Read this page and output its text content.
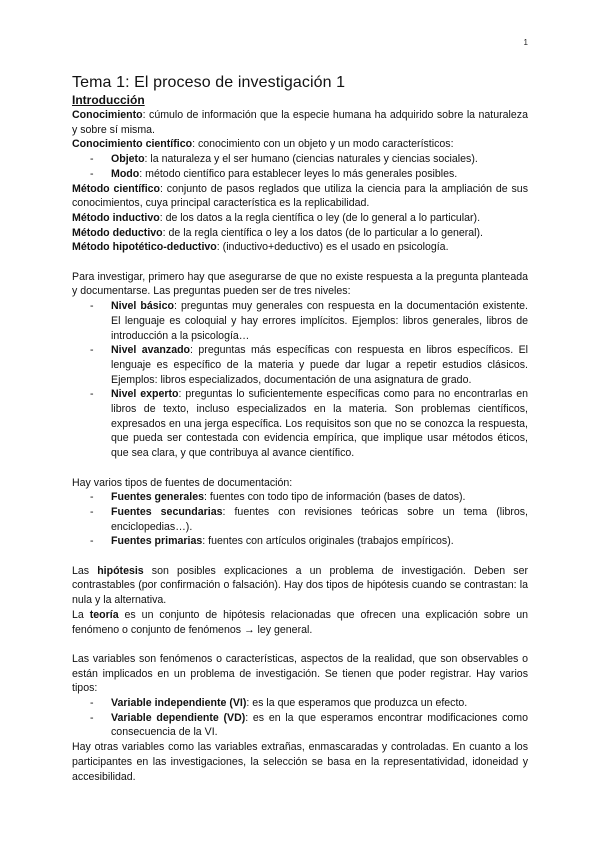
1
Tema 1: El proceso de investigación 1
Introducción

Conocimiento: cúmulo de información que la especie humana ha adquirido sobre la naturaleza y sobre sí misma.

Conocimiento científico: conocimiento con un objeto y un modo característicos:

- Objeto: la naturaleza y el ser humano (ciencias naturales y ciencias sociales).
- Modo: método científico para establecer leyes lo más generales posibles.

Método científico: conjunto de pasos reglados que utiliza la ciencia para la ampliación de sus conocimientos, cuya principal característica es la replicabilidad.

Método inductivo: de los datos a la regla científica o ley (de lo general a lo particular).

Método deductivo: de la regla científica o ley a los datos (de lo particular a lo general).

Método hipotético-deductivo: (inductivo+deductivo) es el usado en psicología.

Para investigar, primero hay que asegurarse de que no existe respuesta a la pregunta planteada y documentarse. Las preguntas pueden ser de tres niveles:

- Nivel básico: preguntas muy generales con respuesta en la documentación existente. El lenguaje es coloquial y hay errores implícitos. Ejemplos: libros generales, libros de introducción a la psicología…
- Nivel avanzado: preguntas más específicas con respuesta en libros específicos. El lenguaje es específico de la materia y puede dar lugar a repetir estudios clásicos. Ejemplos: libros especializados, documentación de una asignatura de grado.
- Nivel experto: preguntas lo suficientemente específicas como para no encontrarlas en libros de texto, incluso especializados en la materia. Son problemas científicos, expresados en una jerga específica. Los requisitos son que no se conozca la respuesta, que pueda ser contestada con evidencia empírica, que implique usar métodos éticos, que sea clara, y que contribuya al avance científico.

Hay varios tipos de fuentes de documentación:

- Fuentes generales: fuentes con todo tipo de información (bases de datos).
- Fuentes secundarias: fuentes con revisiones teóricas sobre un tema (libros, enciclopedias…).
- Fuentes primarias: fuentes con artículos originales (trabajos empíricos).

Las hipótesis son posibles explicaciones a un problema de investigación. Deben ser contrastables (por confirmación o falsación). Hay dos tipos de hipótesis cuando se contrastan: la nula y la alternativa.

La teoría es un conjunto de hipótesis relacionadas que ofrecen una explicación sobre un fenómeno o conjunto de fenómenos → ley general.

Las variables son fenómenos o características, aspectos de la realidad, que son observables o están implicados en un problema de investigación. Se tienen que poder registrar. Hay varios tipos:

- Variable independiente (VI): es la que esperamos que produzca un efecto.
- Variable dependiente (VD): es en la que esperamos encontrar modificaciones como consecuencia de la VI.

Hay otras variables como las variables extrañas, enmascaradas y controladas. En cuanto a los participantes en las investigaciones, la selección se basa en la representatividad, idoneidad y accesibilidad.
